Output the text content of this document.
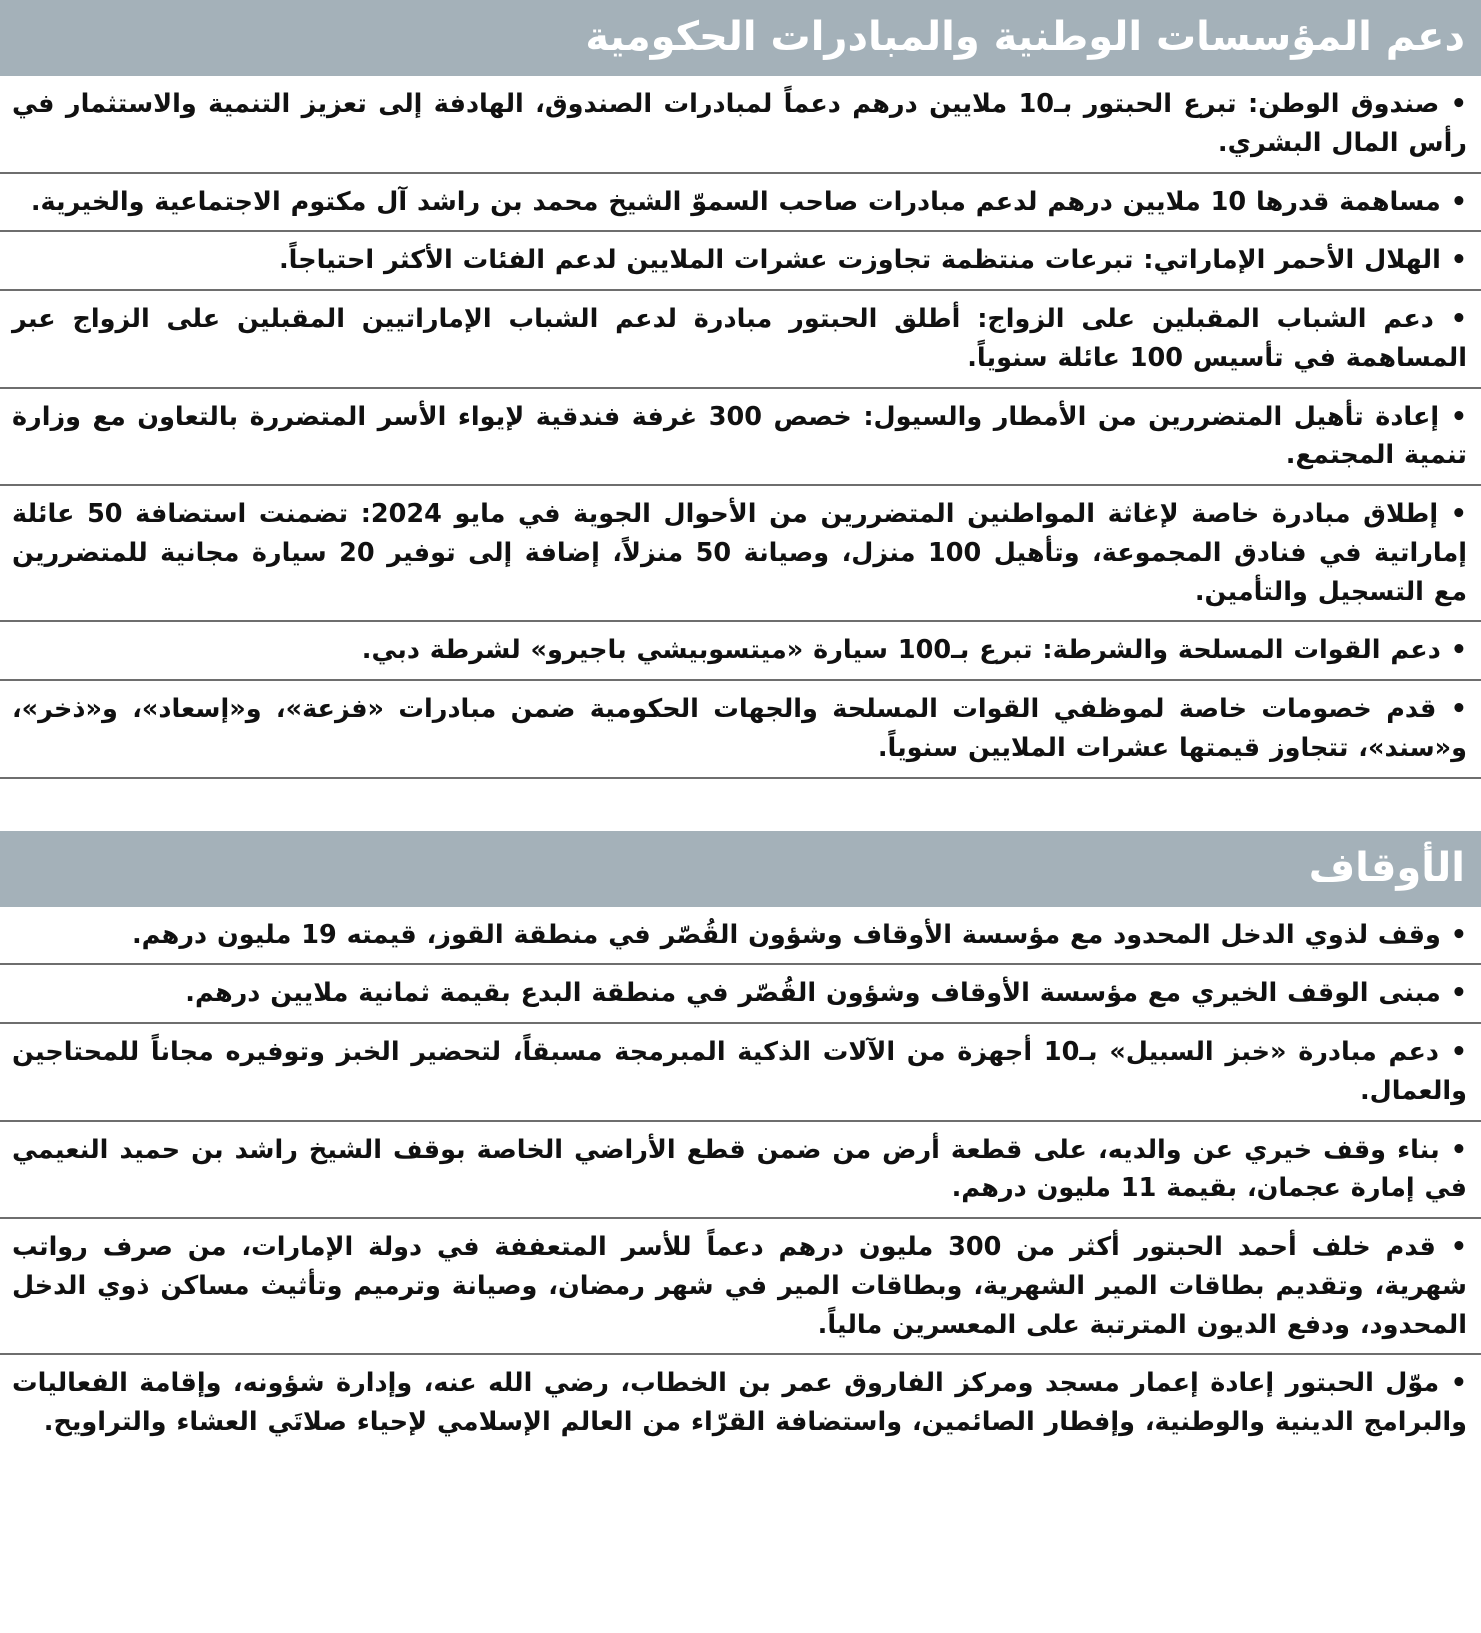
دعم المؤسسات الوطنية والمبادرات الحكومية
• صندوق الوطن: تبرع الحبتور بـ10 ملايين درهم دعماً لمبادرات الصندوق، الهادفة إلى تعزيز التنمية والاستثمار في رأس المال البشري.
• مساهمة قدرها 10 ملايين درهم لدعم مبادرات صاحب السموّ الشيخ محمد بن راشد آل مكتوم الاجتماعية والخيرية.
• الهلال الأحمر الإماراتي: تبرعات منتظمة تجاوزت عشرات الملايين لدعم الفئات الأكثر احتياجاً.
• دعم الشباب المقبلين على الزواج: أطلق الحبتور مبادرة لدعم الشباب الإماراتيين المقبلين على الزواج عبر المساهمة في تأسيس 100 عائلة سنوياً.
• إعادة تأهيل المتضررين من الأمطار والسيول: خصص 300 غرفة فندقية لإيواء الأسر المتضررة بالتعاون مع وزارة تنمية المجتمع.
• إطلاق مبادرة خاصة لإغاثة المواطنين المتضررين من الأحوال الجوية في مايو 2024: تضمنت استضافة 50 عائلة إماراتية في فنادق المجموعة، وتأهيل 100 منزل، وصيانة 50 منزلاً، إضافة إلى توفير 20 سيارة مجانية للمتضررين مع التسجيل والتأمين.
• دعم القوات المسلحة والشرطة: تبرع بـ100 سيارة «ميتسوبيشي باجيرو» لشرطة دبي.
• قدم خصومات خاصة لموظفي القوات المسلحة والجهات الحكومية ضمن مبادرات «فزعة»، و«إسعاد»، و«ذخر»، و«سند»، تتجاوز قيمتها عشرات الملايين سنوياً.
الأوقاف
• وقف لذوي الدخل المحدود مع مؤسسة الأوقاف وشؤون القُصّر في منطقة القوز، قيمته 19 مليون درهم.
• مبنى الوقف الخيري مع مؤسسة الأوقاف وشؤون القُصّر في منطقة البدع بقيمة ثمانية ملايين درهم.
• دعم مبادرة «خبز السبيل» بـ10 أجهزة من الآلات الذكية المبرمجة مسبقاً، لتحضير الخبز وتوفيره مجاناً للمحتاجين والعمال.
• بناء وقف خيري عن والديه، على قطعة أرض من ضمن قطع الأراضي الخاصة بوقف الشيخ راشد بن حميد النعيمي في إمارة عجمان، بقيمة 11 مليون درهم.
• قدم خلف أحمد الحبتور أكثر من 300 مليون درهم دعماً للأسر المتعففة في دولة الإمارات، من صرف رواتب شهرية، وتقديم بطاقات المير الشهرية، وبطاقات المير في شهر رمضان، وصيانة وترميم وتأثيث مساكن ذوي الدخل المحدود، ودفع الديون المترتبة على المعسرين مالياً.
• موّل الحبتور إعادة إعمار مسجد ومركز الفاروق عمر بن الخطاب، رضي الله عنه، وإدارة شؤونه، وإقامة الفعاليات والبرامج الدينية والوطنية، وإفطار الصائمين، واستضافة القرّاء من العالم الإسلامي لإحياء صلاتَي العشاء والتراويح.
